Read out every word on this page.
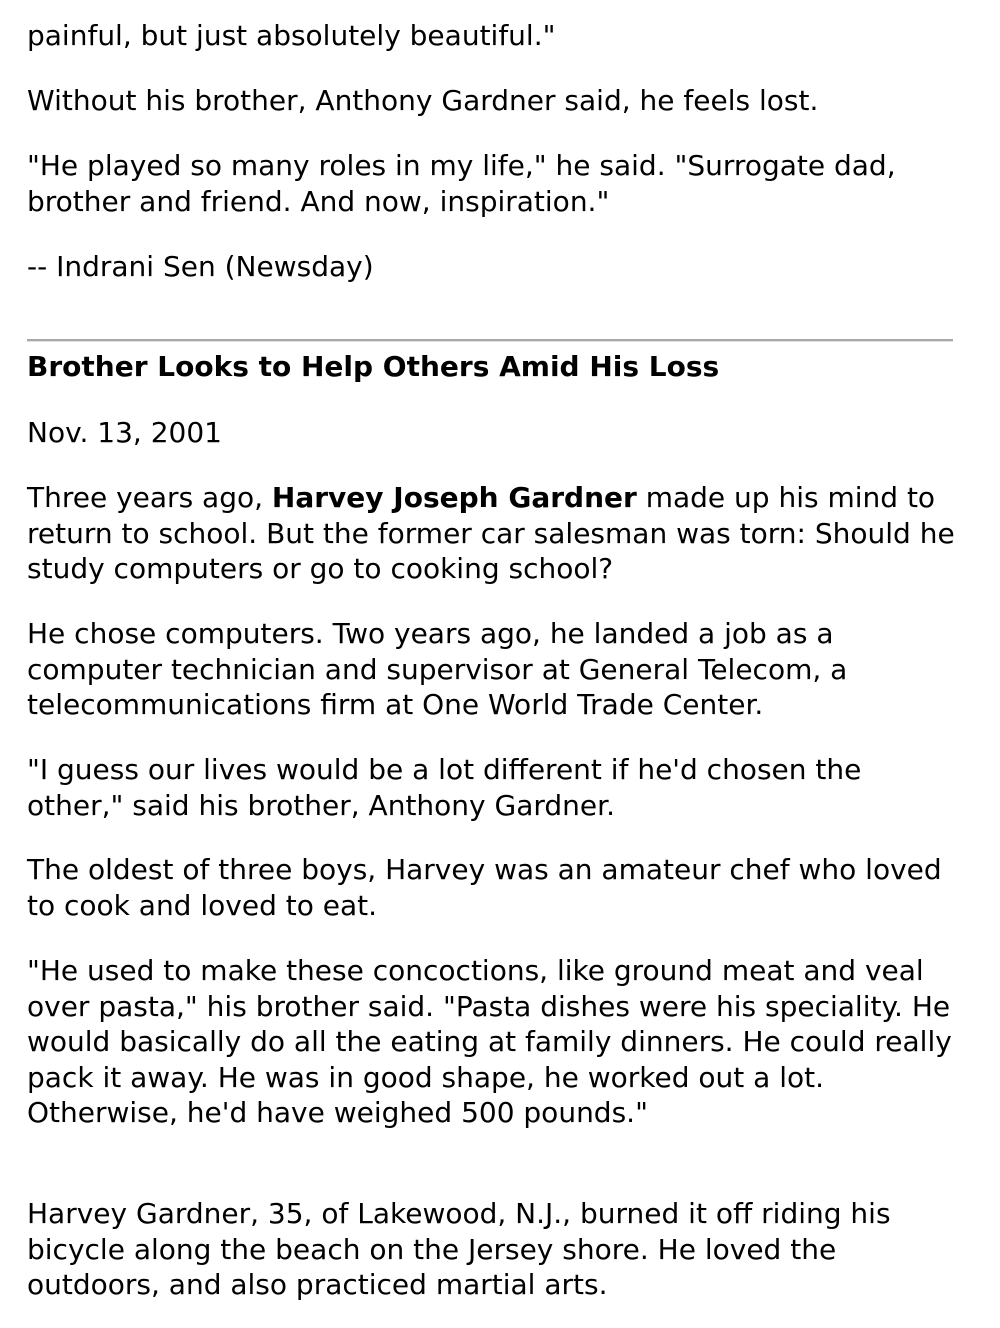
painful, but just absolutely beautiful."

Without his brother, Anthony Gardner said, he feels lost.

"He played so many roles in my life," he said. "Surrogate dad, brother and friend. And now, inspiration."

-- Indrani Sen (Newsday)

Brother Looks to Help Others Amid His Loss

Nov. 13, 2001

Three years ago, Harvey Joseph Gardner made up his mind to return to school. But the former car salesman was torn: Should he study computers or go to cooking school?

He chose computers. Two years ago, he landed a job as a computer technician and supervisor at General Telecom, a telecommunications firm at One World Trade Center.

"I guess our lives would be a lot different if he'd chosen the other," said his brother, Anthony Gardner.

The oldest of three boys, Harvey was an amateur chef who loved to cook and loved to eat.

"He used to make these concoctions, like ground meat and veal over pasta," his brother said. "Pasta dishes were his speciality. He would basically do all the eating at family dinners. He could really pack it away. He was in good shape, he worked out a lot. Otherwise, he'd have weighed 500 pounds."

Harvey Gardner, 35, of Lakewood, N.J., burned it off riding his bicycle along the beach on the Jersey shore. He loved the outdoors, and also practiced martial arts.
